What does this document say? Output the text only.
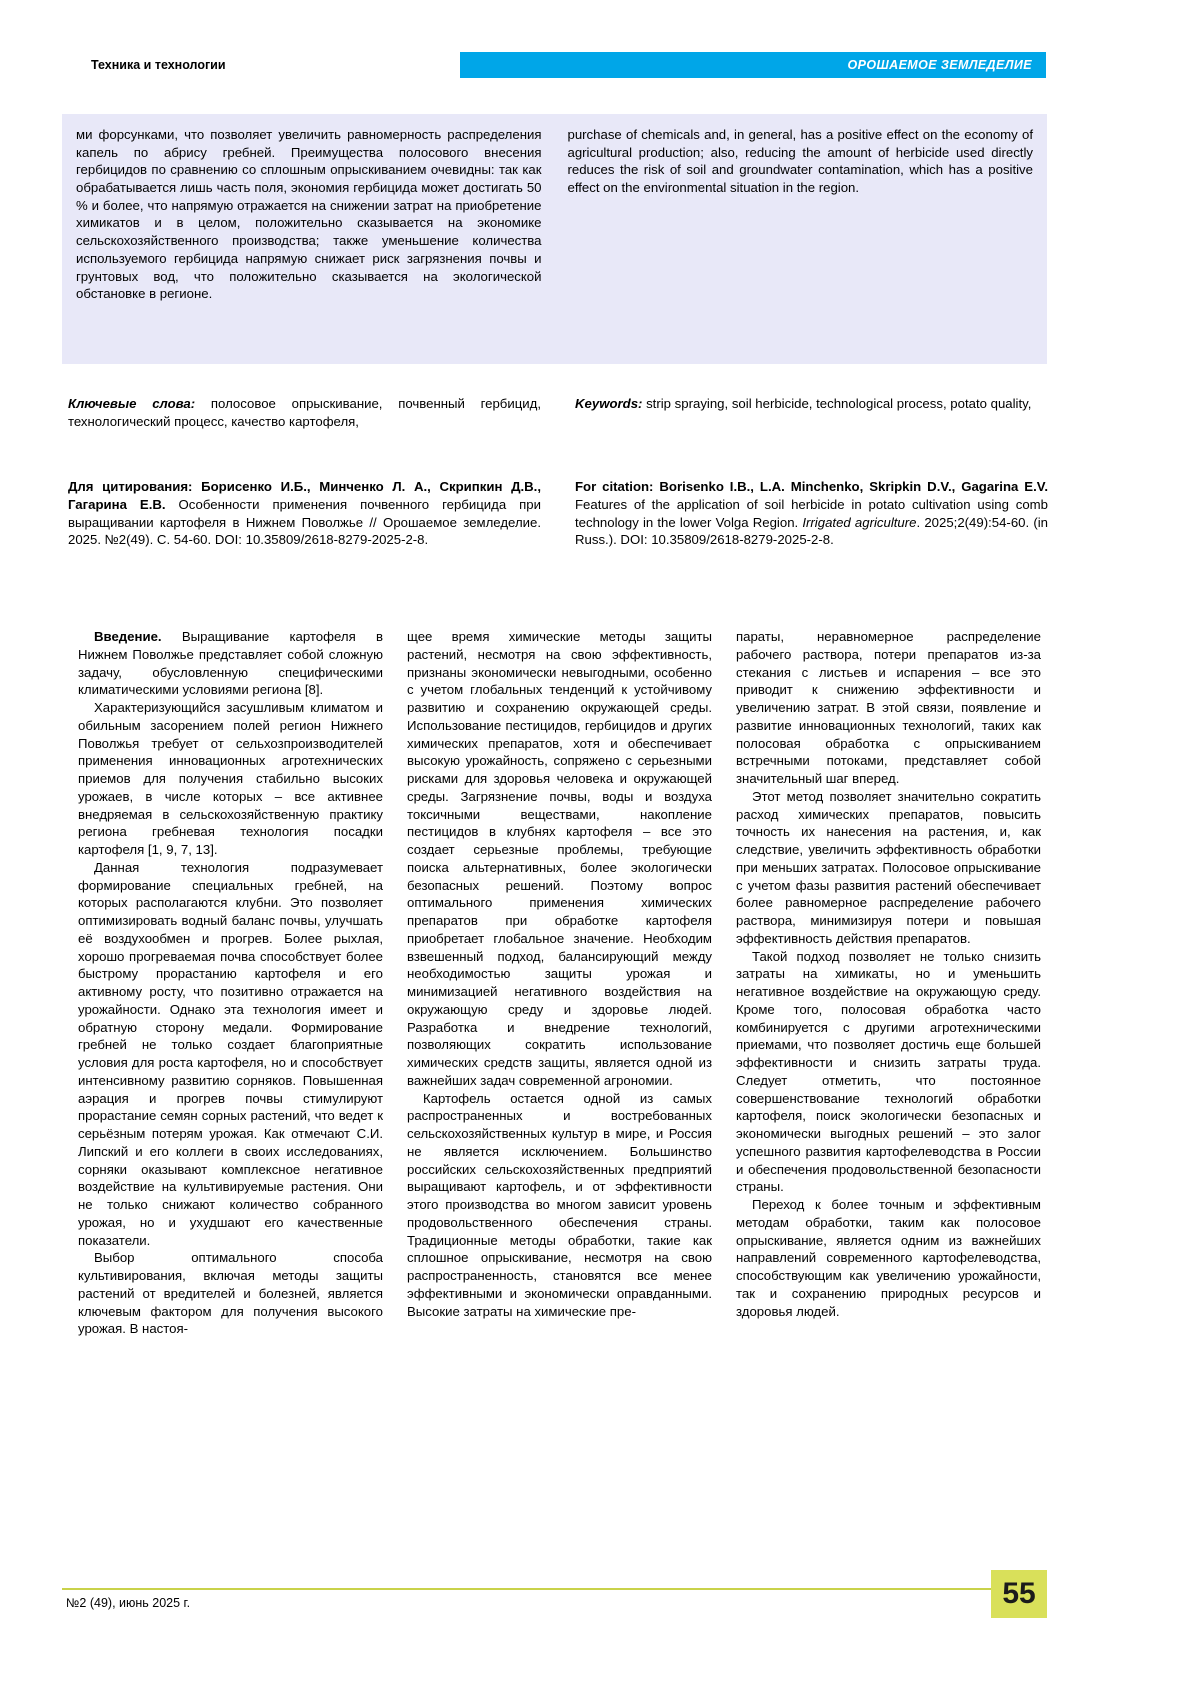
Техника и технологии	ОРОШАЕМОЕ ЗЕМЛЕДЕЛИЕ
ми форсунками, что позволяет увеличить равномерность распределения капель по абрису гребней. Преимущества полосового внесения гербицидов по сравнению со сплошным опрыскиванием очевидны: так как обрабатывается лишь часть поля, экономия гербицида может достигать 50 % и более, что напрямую отражается на снижении затрат на приобретение химикатов и в целом, положительно сказывается на экономике сельскохозяйственного производства; также уменьшение количества используемого гербицида напрямую снижает риск загрязнения почвы и грунтовых вод, что положительно сказывается на экологической обстановке в регионе.
purchase of chemicals and, in general, has a positive effect on the economy of agricultural production; also, reducing the amount of herbicide used directly reduces the risk of soil and groundwater contamination, which has a positive effect on the environmental situation in the region.
Ключевые слова: полосовое опрыскивание, почвенный гербицид, технологический процесс, качество картофеля,
Keywords: strip spraying, soil herbicide, technological process, potato quality,
Для цитирования: Борисенко И.Б., Минченко Л. А., Скрипкин Д.В., Гагарина Е.В. Особенности применения почвенного гербицида при выращивании картофеля в Нижнем Поволжье // Орошаемое земледелие. 2025. №2(49). С. 54-60. DOI: 10.35809/2618-8279-2025-2-8.
For citation: Borisenko I.B., L.A. Minchenko, Skripkin D.V., Gagarina E.V. Features of the application of soil herbicide in potato cultivation using comb technology in the lower Volga Region. Irrigated agriculture. 2025;2(49):54-60. (in Russ.). DOI: 10.35809/2618-8279-2025-2-8.

Введение. Выращивание картофеля в Нижнем Поволжье представляет собой сложную задачу, обусловленную специфическими климатическими условиями региона [8].

Характеризующийся засушливым климатом и обильным засорением полей регион Нижнего Поволжья требует от сельхозпроизводителей применения инновационных агротехнических приемов для получения стабильно высоких урожаев, в числе которых – все активнее внедряемая в сельскохозяйственную практику региона гребневая технология посадки картофеля [1, 9, 7, 13].

Данная технология подразумевает формирование специальных гребней, на которых располагаются клубни. Это позволяет оптимизировать водный баланс почвы, улучшать её воздухообмен и прогрев. Более рыхлая, хорошо прогреваемая почва способствует более быстрому прорастанию картофеля и его активному росту, что позитивно отражается на урожайности. Однако эта технология имеет и обратную сторону медали. Формирование гребней не только создает благоприятные условия для роста картофеля, но и способствует интенсивному развитию сорняков. Повышенная аэрация и прогрев почвы стимулируют прорастание семян сорных растений, что ведет к серьёзным потерям урожая. Как отмечают С.И. Липский и его коллеги в своих исследованиях, сорняки оказывают комплексное негативное воздействие на культивируемые растения. Они не только снижают количество собранного урожая, но и ухудшают его качественные показатели.

Выбор оптимального способа культивирования, включая методы защиты растений от вредителей и болезней, является ключевым фактором для получения высокого урожая. В настоя-

щее время химические методы защиты растений, несмотря на свою эффективность, признаны экономически невыгодными, особенно с учетом глобальных тенденций к устойчивому развитию и сохранению окружающей среды. Использование пестицидов, гербицидов и других химических препаратов, хотя и обеспечивает высокую урожайность, сопряжено с серьезными рисками для здоровья человека и окружающей среды. Загрязнение почвы, воды и воздуха токсичными веществами, накопление пестицидов в клубнях картофеля – все это создает серьезные проблемы, требующие поиска альтернативных, более экологически безопасных решений. Поэтому вопрос оптимального применения химических препаратов при обработке картофеля приобретает глобальное значение. Необходим взвешенный подход, балансирующий между необходимостью защиты урожая и минимизацией негативного воздействия на окружающую среду и здоровье людей. Разработка и внедрение технологий, позволяющих сократить использование химических средств защиты, является одной из важнейших задач современной агрономии.

Картофель остается одной из самых распространенных и востребованных сельскохозяйственных культур в мире, и Россия не является исключением. Большинство российских сельскохозяйственных предприятий выращивают картофель, и от эффективности этого производства во многом зависит уровень продовольственного обеспечения страны. Традиционные методы обработки, такие как сплошное опрыскивание, несмотря на свою распространенность, становятся все менее эффективными и экономически оправданными. Высокие затраты на химические пре-

параты, неравномерное распределение рабочего раствора, потери препаратов из-за стекания с листьев и испарения – все это приводит к снижению эффективности и увеличению затрат. В этой связи, появление и развитие инновационных технологий, таких как полосовая обработка с опрыскиванием встречными потоками, представляет собой значительный шаг вперед.

Этот метод позволяет значительно сократить расход химических препаратов, повысить точность их нанесения на растения, и, как следствие, увеличить эффективность обработки при меньших затратах. Полосовое опрыскивание с учетом фазы развития растений обеспечивает более равномерное распределение рабочего раствора, минимизируя потери и повышая эффективность действия препаратов.

Такой подход позволяет не только снизить затраты на химикаты, но и уменьшить негативное воздействие на окружающую среду. Кроме того, полосовая обработка часто комбинируется с другими агротехническими приемами, что позволяет достичь еще большей эффективности и снизить затраты труда. Следует отметить, что постоянное совершенствование технологий обработки картофеля, поиск экологически безопасных и экономически выгодных решений – это залог успешного развития картофелеводства в России и обеспечения продовольственной безопасности страны.

Переход к более точным и эффективным методам обработки, таким как полосовое опрыскивание, является одним из важнейших направлений современного картофелеводства, способствующим как увеличению урожайности, так и сохранению природных ресурсов и здоровья людей.

№2 (49), июнь 2025 г.	55
